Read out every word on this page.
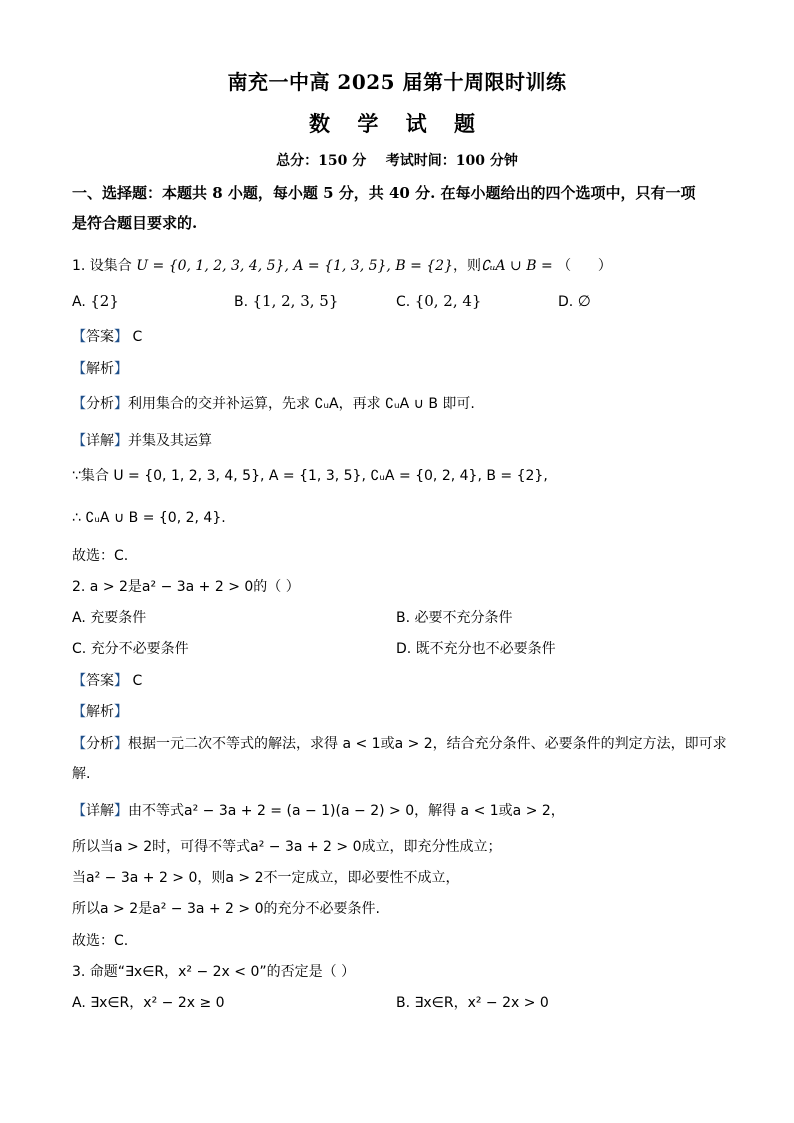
南充一中高 2025 届第十周限时训练
数 学 试 题
总分：150 分    考试时间：100 分钟
一、选择题：本题共 8 小题，每小题 5 分，共 40 分. 在每小题给出的四个选项中，只有一项
是符合题目要求的.
1. 设集合 U = {0, 1, 2, 3, 4, 5}, A = {1, 3, 5}, B = {2}，则∁ᵤA ∪ B = （      ）
A. {2}	B. {1, 2, 3, 5}	C. {0, 2, 4}	D. ∅
【答案】 C
【解析】
【分析】利用集合的交并补运算，先求 ∁ᵤA，再求 ∁ᵤA ∪ B 即可.
【详解】并集及其运算
∵集合 U = {0, 1, 2, 3, 4, 5}, A = {1, 3, 5}, ∁ᵤA = {0, 2, 4}, B = {2},
∴ ∁ᵤA ∪ B = {0, 2, 4}.
故选：C.
2. a > 2是a² − 3a + 2 > 0的（ ）
A. 充要条件	B. 必要不充分条件
C. 充分不必要条件	D. 既不充分也不必要条件
【答案】 C
【解析】
【分析】根据一元二次不等式的解法，求得 a < 1或a > 2，结合充分条件、必要条件的判定方法，即可求
解.
【详解】由不等式a² − 3a + 2 = (a − 1)(a − 2) > 0，解得 a < 1或a > 2，
所以当a > 2时，可得不等式a² − 3a + 2 > 0成立，即充分性成立；
当a² − 3a + 2 > 0，则a > 2不一定成立，即必要性不成立，
所以a > 2是a² − 3a + 2 > 0的充分不必要条件.
故选：C.
3. 命题“∃x∈R，x² − 2x < 0”的否定是（ ）
A. ∃x∈R，x² − 2x ≥ 0	B. ∃x∈R，x² − 2x > 0
